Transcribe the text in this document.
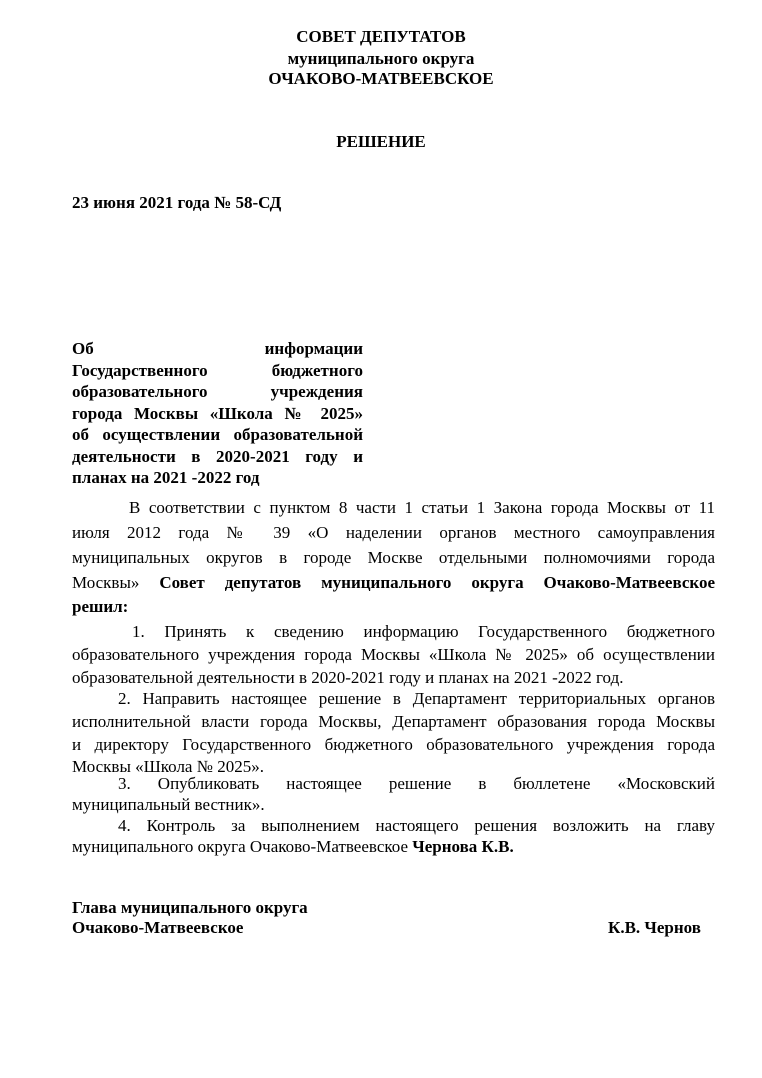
СОВЕТ ДЕПУТАТОВ
муниципального округа
ОЧАКОВО-МАТВЕЕВСКОЕ
РЕШЕНИЕ
23 июня 2021 года № 58-СД
Об информации
Государственного бюджетного
образовательного учреждения
города Москвы «Школа № 2025»
об осуществлении образовательной
деятельности в 2020-2021 году и
планах на 2021 -2022 год
В соответствии с пунктом 8 части 1 статьи 1 Закона города Москвы от 11
июля 2012 года № 39 «О наделении органов местного самоуправления
муниципальных округов в городе Москве отдельными полномочиями города
Москвы» Совет депутатов муниципального округа Очаково-Матвеевское
решил:
1. Принять к сведению информацию Государственного бюджетного
образовательного учреждения города Москвы «Школа № 2025» об осуществлении
образовательной деятельности в 2020-2021 году и планах на 2021 -2022 год.
2. Направить настоящее решение в Департамент территориальных органов
исполнительной власти города Москвы, Департамент образования города Москвы
и директору Государственного бюджетного образовательного учреждения города
Москвы «Школа № 2025».
3. Опубликовать настоящее решение в бюллетене «Московский
муниципальный вестник».
4. Контроль за выполнением настоящего решения возложить на главу
муниципального округа Очаково-Матвеевское Чернова К.В.
Глава муниципального округа
Очаково-Матвеевское	К.В. Чернов
